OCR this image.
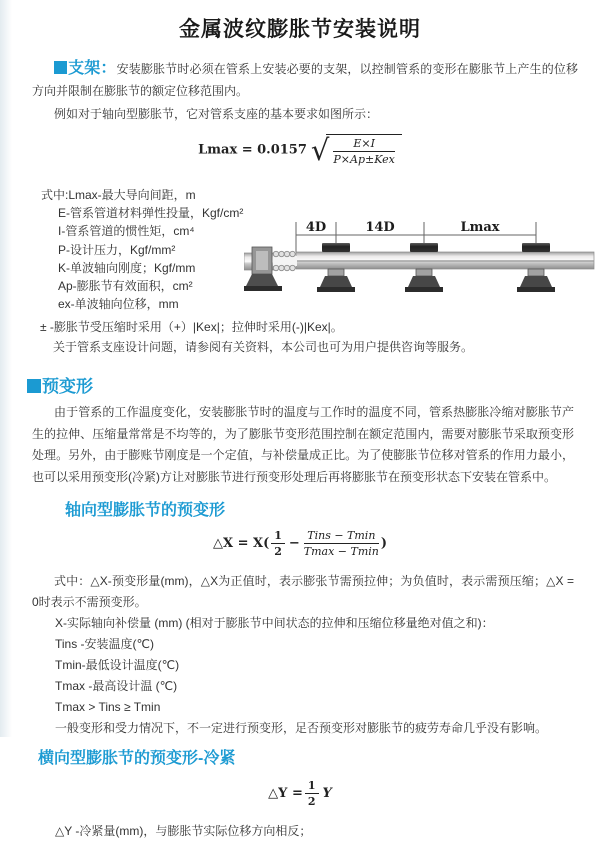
金属波纹膨胀节安装说明

支架：安装膨胀节时必须在管系上安装必要的支架，以控制管系的变形在膨胀节上产生的位移方向并限制在膨胀节的额定位移范围内。

例如对于轴向型膨胀节，它对管系支座的基本要求如图所示：

Lmax = 0.0157 √ $\frac{E\times I}{\text{P×Ap±Kex}}$
式中:Lmax-最大导向间距，m
E-管系管道材料弹性投量，Kgf/cm²
I-管系管道的惯性矩，cm⁴
P-设计压力，Kgf/mm²
K-单波轴向刚度；Kgf/mm
Ap-膨胀节有效面积，cm²
ex-单波轴向位移，mm
4D	14D	Lmax
± -膨胀节受压缩时采用（+）|Kex|；拉伸时采用(-)|Kex|。
关于管系支座设计问题，请参阅有关资料，本公司也可为用户提供咨询等服务。
预变形

由于管系的工作温度变化，安装膨胀节时的温度与工作时的温度不同，管系热膨胀冷缩对膨胀节产生的拉伸、压缩量常常是不均等的，为了膨胀节变形范围控制在额定范围内，需要对膨胀节采取预变形处理。另外，由于膨账节刚度是一个定值，与补偿量成正比。为了使膨胀节位移对管系的作用力最小，也可以采用预变形(冷紧)方让对膨胀节进行预变形处理后再将膨胀节在预变形状态下安装在管系中。

轴向型膨胀节的预变形
△X = $X( \frac{1}{2} - \frac{\text{Tins − Tmin}}{Tmax - Tmin}$ )

式中：△X-预变形量(mm)，△X为正值时，表示膨张节需预拉伸；为负值时，表示需预压缩；△X = 0时表示不需预变形。

X-实际轴向补偿量 (mm) (相对于膨胀节中间状态的拉伸和压缩位移量绝对值之和)：
Tins -安装温度(℃)
Tmin-最低设计温度(℃)
Tmax -最高设计温 (℃)
Tmax > Tins ≥ Tmin
一般变形和受力情况下，不一定进行预变形，足否预变形对膨胀节的疲劳寿命几乎没有影响。
横向型膨胀节的预变形-冷紧
△Y = $\frac{1}{2}$ Y
△Y -冷紧量(mm)，与膨胀节实际位移方向相反；
